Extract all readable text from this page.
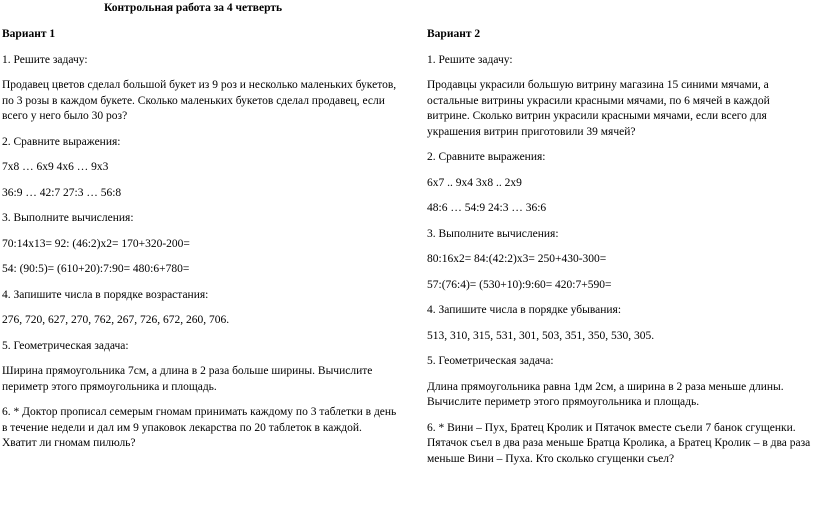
Контрольная работа за 4 четверть
Вариант 1

1. Решите задачу:

Продавец цветов сделал большой букет из 9 роз и несколько маленьких букетов, по 3 розы в каждом букете. Сколько маленьких букетов сделал продавец, если всего у него было 30 роз?

2. Сравните выражения:

7х8 … 6х9 4х6 … 9х3

36:9 … 42:7 27:3 … 56:8

3. Выполните вычисления:

70:14х13= 92: (46:2)х2= 170+320-200=

54: (90:5)= (610+20):7:90= 480:6+780=

4. Запишите числа в порядке возрастания:

276, 720, 627, 270, 762, 267, 726, 672, 260, 706.

5. Геометрическая задача:

Ширина прямоугольника 7см, а длина в 2 раза больше ширины. Вычислите периметр этого прямоугольника и площадь.

6. * Доктор прописал семерым гномам принимать каждому по 3 таблетки в день в течение недели и дал им 9 упаковок лекарства по 20 таблеток в каждой. Хватит ли гномам пилюль?

Вариант 2

1. Решите задачу:

Продавцы украсили большую витрину магазина 15 синими мячами, а остальные витрины украсили красными мячами, по 6 мячей в каждой витрине. Сколько витрин украсили красными мячами, если всего для украшения витрин приготовили 39 мячей?

2. Сравните выражения:

6х7 .. 9х4 3х8 .. 2х9

48:6 … 54:9 24:3 … 36:6

3. Выполните вычисления:

80:16х2= 84:(42:2)х3= 250+430-300=

57:(76:4)= (530+10):9:60= 420:7+590=

4. Запишите числа в порядке убывания:

513, 310, 315, 531, 301, 503, 351, 350, 530, 305.

5. Геометрическая задача:

Длина прямоугольника равна 1дм 2см, а ширина в 2 раза меньше длины. Вычислите периметр этого прямоугольника и площадь.

6. * Вини – Пух, Братец Кролик и Пятачок вместе съели 7 банок сгущенки. Пятачок съел в два раза меньше Братца Кролика, а Братец Кролик – в два раза меньше Вини – Пуха. Кто сколько сгущенки съел?
